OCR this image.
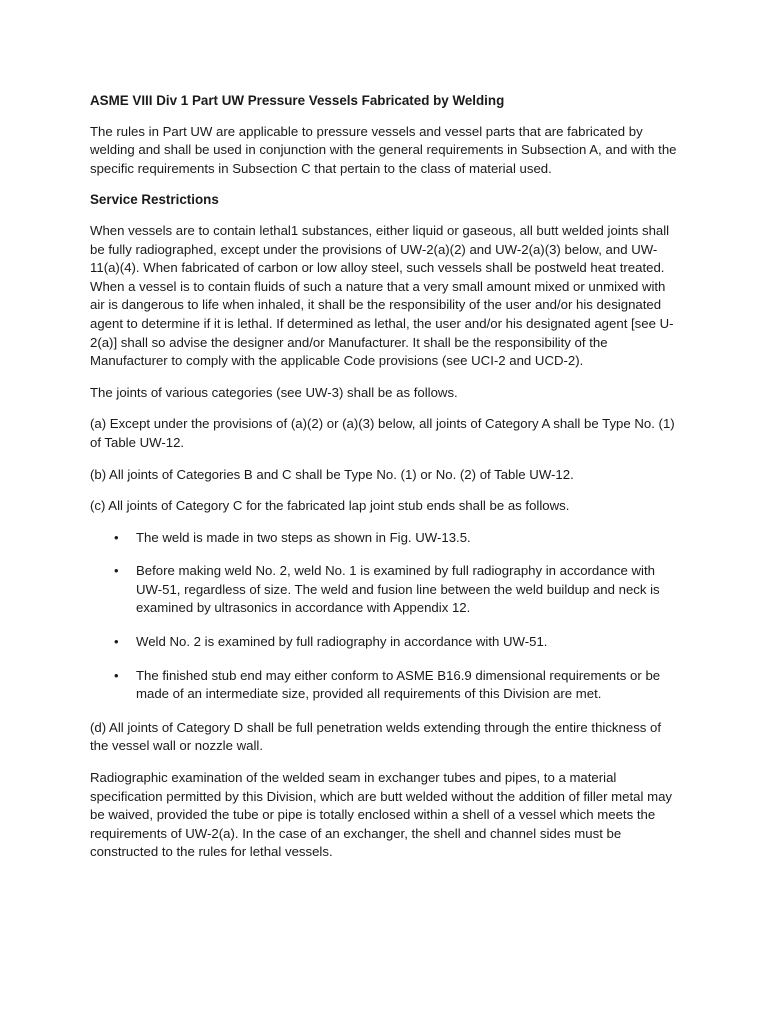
ASME VIII Div 1 Part UW Pressure Vessels Fabricated by Welding

The rules in Part UW are applicable to pressure vessels and vessel parts that are fabricated by welding and shall be used in conjunction with the general requirements in Subsection A, and with the specific requirements in Subsection C that pertain to the class of material used.

Service Restrictions

When vessels are to contain lethal1 substances, either liquid or gaseous, all butt welded joints shall be fully radiographed, except under the provisions of UW-2(a)(2) and UW-2(a)(3) below, and UW-11(a)(4). When fabricated of carbon or low alloy steel, such vessels shall be postweld heat treated. When a vessel is to contain fluids of such a nature that a very small amount mixed or unmixed with air is dangerous to life when inhaled, it shall be the responsibility of the user and/or his designated agent to determine if it is lethal. If determined as lethal, the user and/or his designated agent [see U-2(a)] shall so advise the designer and/or Manufacturer. It shall be the responsibility of the Manufacturer to comply with the applicable Code provisions (see UCI-2 and UCD-2).

The joints of various categories (see UW-3) shall be as follows.

(a) Except under the provisions of (a)(2) or (a)(3) below, all joints of Category A shall be Type No. (1) of Table UW-12.

(b) All joints of Categories B and C shall be Type No. (1) or No. (2) of Table UW-12.

(c) All joints of Category C for the fabricated lap joint stub ends shall be as follows.

• The weld is made in two steps as shown in Fig. UW-13.5.
• Before making weld No. 2, weld No. 1 is examined by full radiography in accordance with UW-51, regardless of size. The weld and fusion line between the weld buildup and neck is examined by ultrasonics in accordance with Appendix 12.
• Weld No. 2 is examined by full radiography in accordance with UW-51.
• The finished stub end may either conform to ASME B16.9 dimensional requirements or be made of an intermediate size, provided all requirements of this Division are met.

(d) All joints of Category D shall be full penetration welds extending through the entire thickness of the vessel wall or nozzle wall.

Radiographic examination of the welded seam in exchanger tubes and pipes, to a material specification permitted by this Division, which are butt welded without the addition of filler metal may be waived, provided the tube or pipe is totally enclosed within a shell of a vessel which meets the requirements of UW-2(a). In the case of an exchanger, the shell and channel sides must be constructed to the rules for lethal vessels.
